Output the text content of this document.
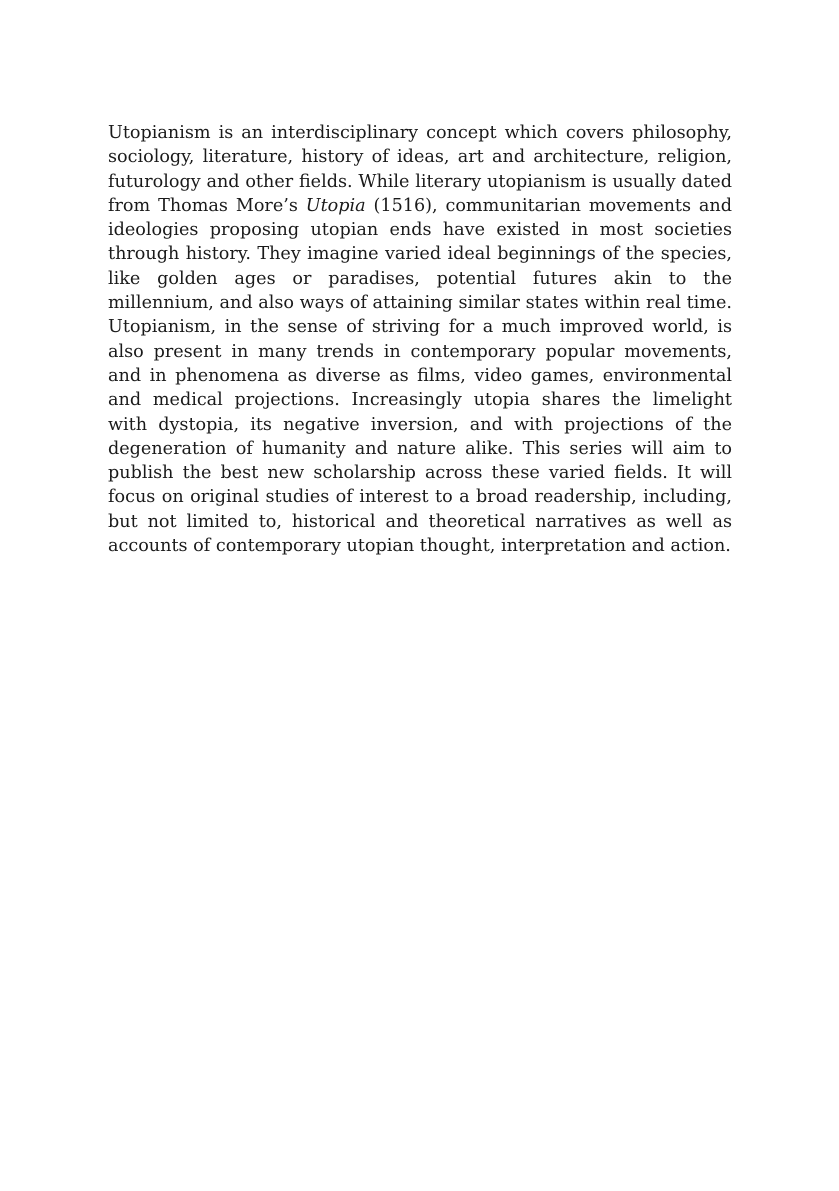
Utopianism is an interdisciplinary concept which covers philosophy, sociology, literature, history of ideas, art and architecture, religion, futurology and other fields. While literary utopianism is usually dated from Thomas More’s Utopia (1516), communitarian movements and ideologies proposing utopian ends have existed in most societies through history. They imagine varied ideal beginnings of the species, like golden ages or paradises, potential futures akin to the millennium, and also ways of attaining similar states within real time. Utopianism, in the sense of striving for a much improved world, is also present in many trends in contemporary popular movements, and in phenomena as diverse as films, video games, environmental and medical projections. Increasingly utopia shares the limelight with dystopia, its negative inversion, and with projections of the degeneration of humanity and nature alike. This series will aim to publish the best new scholarship across these varied fields. It will focus on original studies of interest to a broad readership, including, but not limited to, historical and theoretical narratives as well as accounts of contemporary utopian thought, interpretation and action.
